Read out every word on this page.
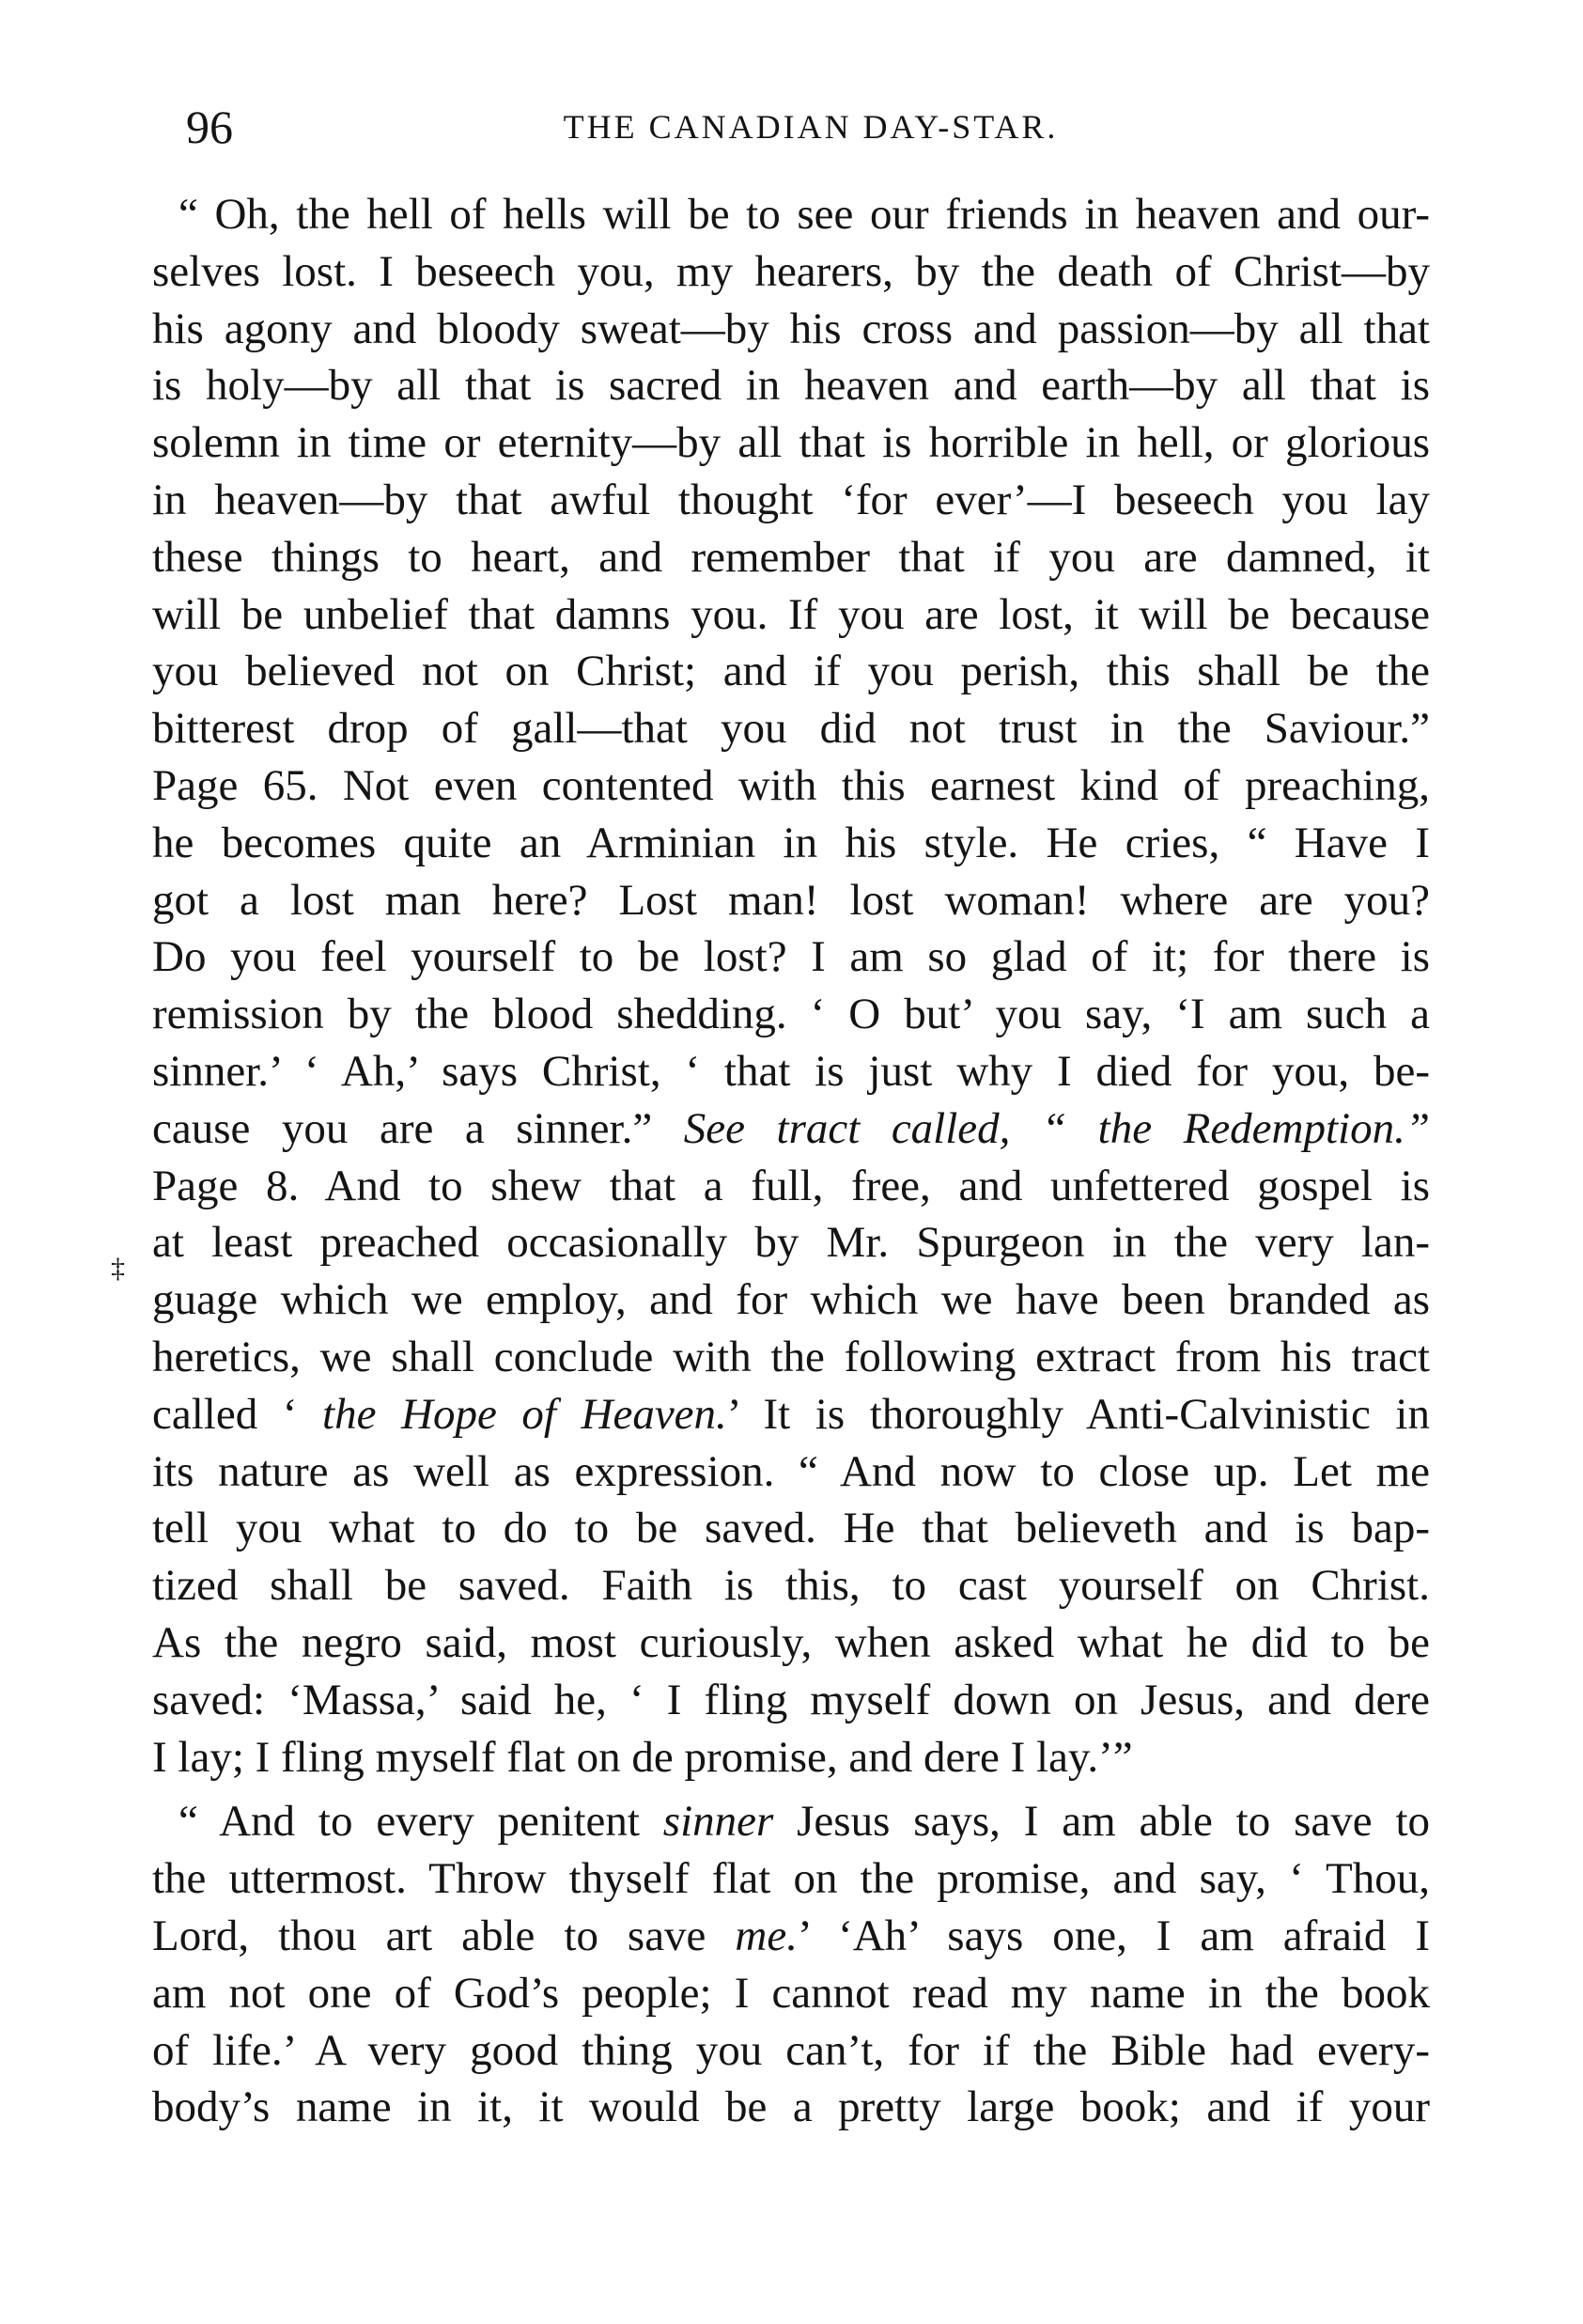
96	THE CANADIAN DAY-STAR.
‡
“ Oh, the hell of hells will be to see our friends in heaven and our-
selves lost. I beseech you, my hearers, by the death of Christ—by
his agony and bloody sweat—by his cross and passion—by all that
is holy—by all that is sacred in heaven and earth—by all that is
solemn in time or eternity—by all that is horrible in hell, or glorious
in heaven—by that awful thought ‘for ever’—I beseech you lay
these things to heart, and remember that if you are damned, it
will be unbelief that damns you. If you are lost, it will be because
you believed not on Christ; and if you perish, this shall be the
bitterest drop of gall—that you did not trust in the Saviour.”
Page 65. Not even contented with this earnest kind of preaching,
he becomes quite an Arminian in his style. He cries, “ Have I
got a lost man here? Lost man! lost woman! where are you?
Do you feel yourself to be lost? I am so glad of it; for there is
remission by the blood shedding. ‘ O but’ you say, ‘I am such a
sinner.’ ‘ Ah,’ says Christ, ‘ that is just why I died for you, be-
cause you are a sinner.” See tract called, “ the Redemption.”
Page 8. And to shew that a full, free, and unfettered gospel is
at least preached occasionally by Mr. Spurgeon in the very lan-
guage which we employ, and for which we have been branded as
heretics, we shall conclude with the following extract from his tract
called ‘ the Hope of Heaven.’ It is thoroughly Anti-Calvinistic in
its nature as well as expression. “ And now to close up. Let me
tell you what to do to be saved. He that believeth and is bap-
tized shall be saved. Faith is this, to cast yourself on Christ.
As the negro said, most curiously, when asked what he did to be
saved: ‘Massa,’ said he, ‘ I fling myself down on Jesus, and dere
I lay; I fling myself flat on de promise, and dere I lay.’”
“ And to every penitent sinner Jesus says, I am able to save to
the uttermost. Throw thyself flat on the promise, and say, ‘ Thou,
Lord, thou art able to save me.’ ‘Ah’ says one, I am afraid I
am not one of God’s people; I cannot read my name in the book
of life.’ A very good thing you can’t, for if the Bible had every-
body’s name in it, it would be a pretty large book; and if your
